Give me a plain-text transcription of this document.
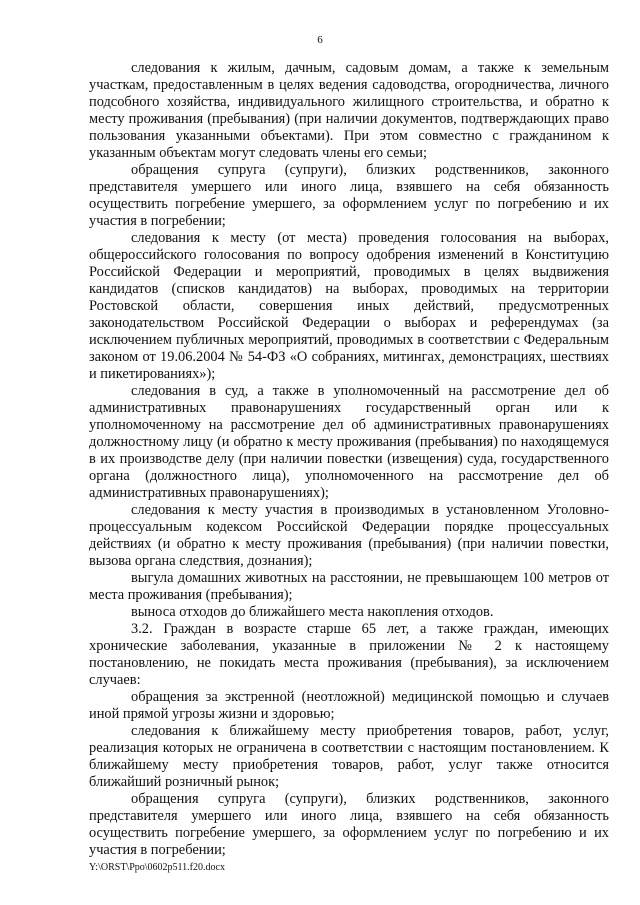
6

следования к жилым, дачным, садовым домам, а также к земельным участкам, предоставленным в целях ведения садоводства, огородничества, личного подсобного хозяйства, индивидуального жилищного строительства, и обратно к месту проживания (пребывания) (при наличии документов, подтверждающих право пользования указанными объектами). При этом совместно с гражданином к указанным объектам могут следовать члены его семьи;

обращения супруга (супруги), близких родственников, законного представителя умершего или иного лица, взявшего на себя обязанность осуществить погребение умершего, за оформлением услуг по погребению и их участия в погребении;

следования к месту (от места) проведения голосования на выборах, общероссийского голосования по вопросу одобрения изменений в Конституцию Российской Федерации и мероприятий, проводимых в целях выдвижения кандидатов (списков кандидатов) на выборах, проводимых на территории Ростовской области, совершения иных действий, предусмотренных законодательством Российской Федерации о выборах и референдумах (за исключением публичных мероприятий, проводимых в соответствии с Федеральным законом от 19.06.2004 № 54-ФЗ «О собраниях, митингах, демонстрациях, шествиях и пикетированиях»);

следования в суд, а также в уполномоченный на рассмотрение дел об административных правонарушениях государственный орган или к уполномоченному на рассмотрение дел об административных правонарушениях должностному лицу (и обратно к месту проживания (пребывания) по находящемуся в их производстве делу (при наличии повестки (извещения) суда, государственного органа (должностного лица), уполномоченного на рассмотрение дел об административных правонарушениях);

следования к месту участия в производимых в установленном Уголовно-процессуальным кодексом Российской Федерации порядке процессуальных действиях (и обратно к месту проживания (пребывания) (при наличии повестки, вызова органа следствия, дознания);

выгула домашних животных на расстоянии, не превышающем 100 метров от места проживания (пребывания);

выноса отходов до ближайшего места накопления отходов.

3.2. Граждан в возрасте старше 65 лет, а также граждан, имеющих хронические заболевания, указанные в приложении № 2 к настоящему постановлению, не покидать места проживания (пребывания), за исключением случаев:

обращения за экстренной (неотложной) медицинской помощью и случаев иной прямой угрозы жизни и здоровью;

следования к ближайшему месту приобретения товаров, работ, услуг, реализация которых не ограничена в соответствии с настоящим постановлением. К ближайшему месту приобретения товаров, работ, услуг также относится ближайший розничный рынок;

обращения супруга (супруги), близких родственников, законного представителя умершего или иного лица, взявшего на себя обязанность осуществить погребение умершего, за оформлением услуг по погребению и их участия в погребении;

Y:\ORST\Ppo\0602p511.f20.docx
